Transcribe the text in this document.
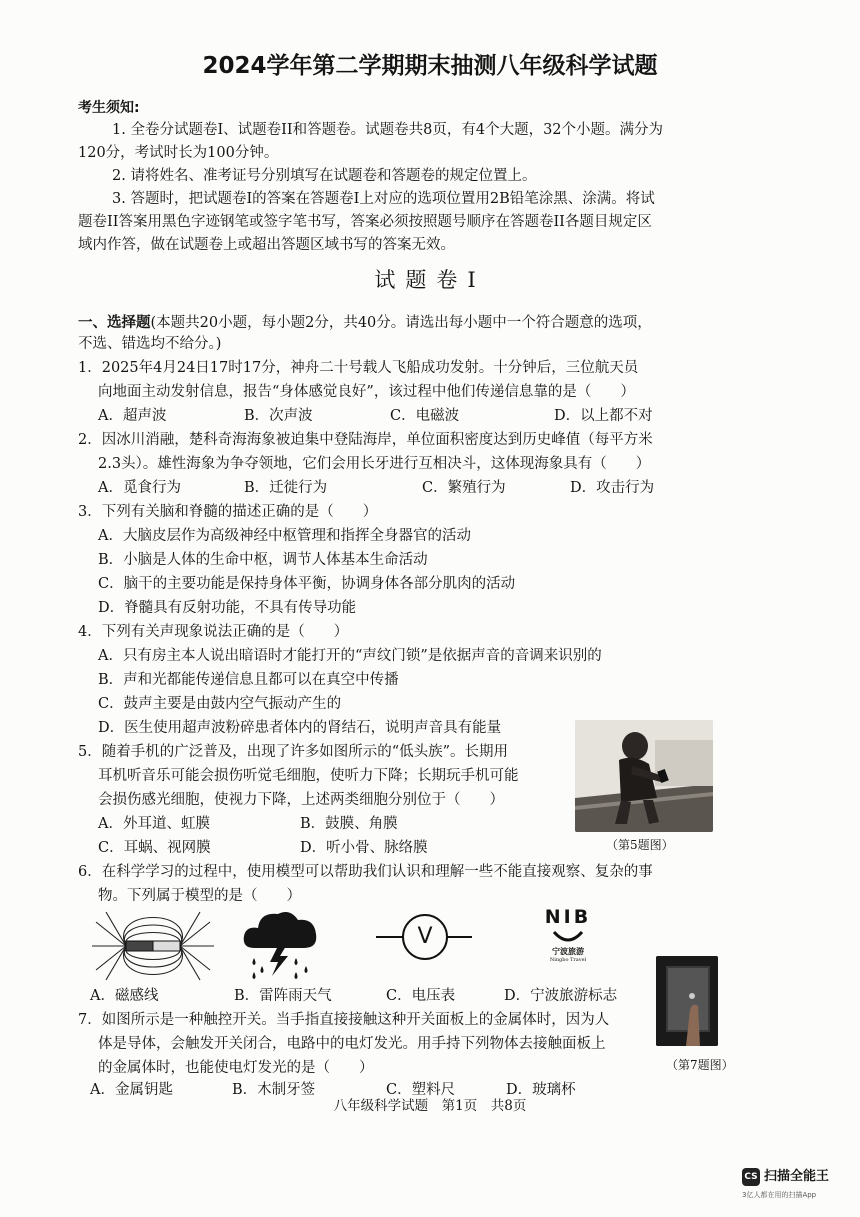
2024学年第二学期期末抽测八年级科学试题
考生须知:
1. 全卷分试题卷I、试题卷II和答题卷。试题卷共8页，有4个大题，32个小题。满分为
120分，考试时长为100分钟。
2. 请将姓名、准考证号分别填写在试题卷和答题卷的规定位置上。
3. 答题时，把试题卷I的答案在答题卷I上对应的选项位置用2B铅笔涂黑、涂满。将试
题卷II答案用黑色字迹钢笔或签字笔书写，答案必须按照题号顺序在答题卷II各题目规定区
域内作答，做在试题卷上或超出答题区域书写的答案无效。
试题卷I
一、选择题(本题共20小题，每小题2分，共40分。请选出每小题中一个符合题意的选项，
不选、错选均不给分。)
1．2025年4月24日17时17分，神舟二十号载人飞船成功发射。十分钟后，三位航天员
向地面主动发射信息，报告“身体感觉良好”，该过程中他们传递信息靠的是（　　）
A．超声波	B．次声波	C．电磁波	D．以上都不对
2．因冰川消融，楚科奇海海象被迫集中登陆海岸，单位面积密度达到历史峰值（每平方米
2.3头）。雄性海象为争夺领地，它们会用长牙进行互相决斗，这体现海象具有（　　）
A．觅食行为	B．迁徙行为	C．繁殖行为	D．攻击行为
3．下列有关脑和脊髓的描述正确的是（　　）
A．大脑皮层作为高级神经中枢管理和指挥全身器官的活动
B．小脑是人体的生命中枢，调节人体基本生命活动
C．脑干的主要功能是保持身体平衡，协调身体各部分肌肉的活动
D．脊髓具有反射功能，不具有传导功能
4．下列有关声现象说法正确的是（　　）
A．只有房主本人说出暗语时才能打开的“声纹门锁”是依据声音的音调来识别的
B．声和光都能传递信息且都可以在真空中传播
C．鼓声主要是由鼓内空气振动产生的
D．医生使用超声波粉碎患者体内的肾结石，说明声音具有能量
5．随着手机的广泛普及，出现了许多如图所示的“低头族”。长期用
耳机听音乐可能会损伤听觉毛细胞，使听力下降；长期玩手机可能
会损伤感光细胞，使视力下降，上述两类细胞分别位于（　　）
A．外耳道、虹膜	B．鼓膜、角膜
C．耳蜗、视网膜	D．听小骨、脉络膜	（第5题图）
6．在科学学习的过程中，使用模型可以帮助我们认识和理解一些不能直接观察、复杂的事
物。下列属于模型的是（　　）
V
NIB
宁波旅游
Ningbo Travel
A．磁感线	B．雷阵雨天气	C．电压表	D．宁波旅游标志
7．如图所示是一种触控开关。当手指直接接触这种开关面板上的金属体时，因为人
体是导体，会触发开关闭合，电路中的电灯发光。用手持下列物体去接触面板上
的金属体时，也能使电灯发光的是（　　）
A．金属钥匙	B．木制牙签	C．塑料尺	D．玻璃杯
（第7题图）
八年级科学试题　第1页　共8页
CS 扫描全能王
3亿人都在用的扫描App
